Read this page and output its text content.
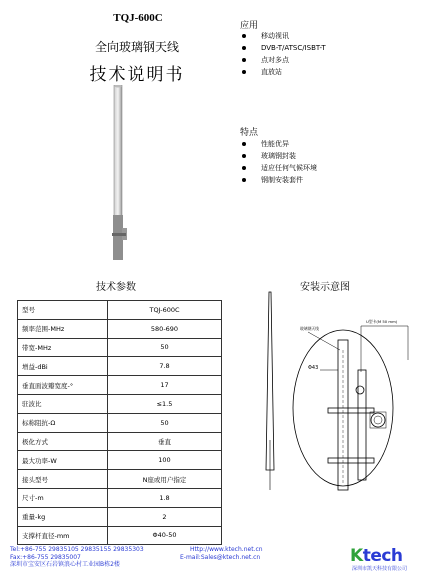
TQJ-600C
全向玻璃钢天线
技术说明书
应用
移动视讯
DVB-T/ATSC/ISBT-T
点对多点
直放站
特点
性能优异
玻璃钢封装
适应任何气候环境
钢制安装套件
技术参数	安装示意图
型号	TQJ-600C
频率范围-MHz	580-690
带宽-MHz	50
增益-dBi	7.8
垂直面波瓣宽度-°	17
驻波比	≤1.5
标称阻抗-Ω	50
极化方式	垂直
最大功率-W	100
接头型号	N座或用户指定
尺寸-m	1.8
重量-kg	2
支撑杆直径-mm	Φ40-50
玻璃钢天线
U型卡(M 50 mm)
Φ43
Tel:+86-755 29835105 29835155 29835303
Fax:+86-755 29835007
深圳市宝安区石岩镇浪心村工业园B栋2楼
Http://www.ktech.net.cn
E-mail:Sales@ktech.net.cn	Ktech
深圳市凯天科技有限公司
